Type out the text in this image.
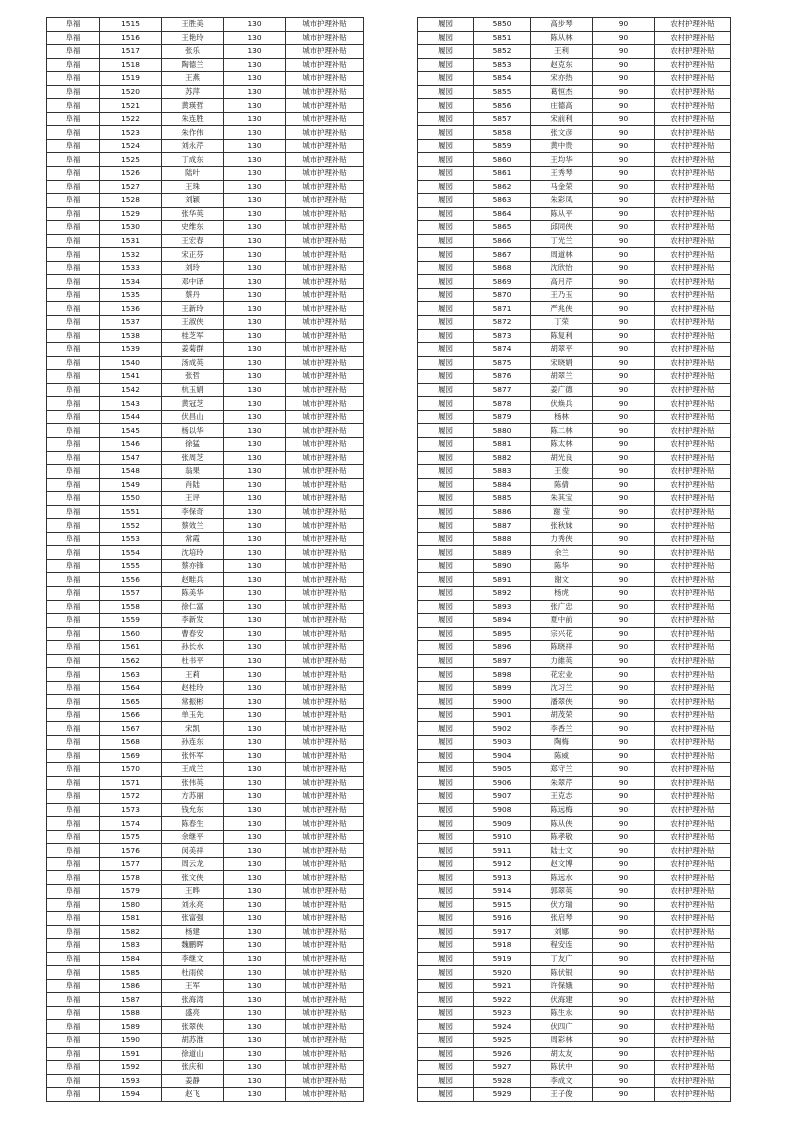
阜福	1515	王胜美	130	城市护理补贴
阜福	1516	王艳玲	130	城市护理补贴
阜福	1517	张乐	130	城市护理补贴
阜福	1518	陶德兰	130	城市护理补贴
阜福	1519	王燕	130	城市护理补贴
阜福	1520	苏萍	130	城市护理补贴
阜福	1521	黄瑛哲	130	城市护理补贴
阜福	1522	朱连胜	130	城市护理补贴
阜福	1523	朱作伟	130	城市护理补贴
阜福	1524	刘永芹	130	城市护理补贴
阜福	1525	丁成东	130	城市护理补贴
阜福	1526	陆叶	130	城市护理补贴
阜福	1527	王珠	130	城市护理补贴
阜福	1528	刘颖	130	城市护理补贴
阜福	1529	张华英	130	城市护理补贴
阜福	1530	史维东	130	城市护理补贴
阜福	1531	王宏春	130	城市护理补贴
阜福	1532	宋正芬	130	城市护理补贴
阜福	1533	刘玲	130	城市护理补贴
阜福	1534	邓中译	130	城市护理补贴
阜福	1535	蔡丹	130	城市护理补贴
阜福	1536	王新玲	130	城市护理补贴
阜福	1537	王淑侠	130	城市护理补贴
阜福	1538	桂芝军	130	城市护理补贴
阜福	1539	姜菊群	130	城市护理补贴
阜福	1540	汤成英	130	城市护理补贴
阜福	1541	张哲	130	城市护理补贴
阜福	1542	杭玉娟	130	城市护理补贴
阜福	1543	黄冠芝	130	城市护理补贴
阜福	1544	伏昌山	130	城市护理补贴
阜福	1545	杨以华	130	城市护理补贴
阜福	1546	徐猛	130	城市护理补贴
阜福	1547	张周芝	130	城市护理补贴
阜福	1548	翁果	130	城市护理补贴
阜福	1549	肖陆	130	城市护理补贴
阜福	1550	王评	130	城市护理补贴
阜福	1551	李保奇	130	城市护理补贴
阜福	1552	蔡效兰	130	城市护理补贴
阜福	1553	常霞	130	城市护理补贴
阜福	1554	沈培玲	130	城市护理补贴
阜福	1555	蔡亦锋	130	城市护理补贴
阜福	1556	赵畦兵	130	城市护理补贴
阜福	1557	陈美华	130	城市护理补贴
阜福	1558	徐仁富	130	城市护理补贴
阜福	1559	李新发	130	城市护理补贴
阜福	1560	曹春安	130	城市护理补贴
阜福	1561	孙长水	130	城市护理补贴
阜福	1562	杜书平	130	城市护理补贴
阜福	1563	王莉	130	城市护理补贴
阜福	1564	赵桂玲	130	城市护理补贴
阜福	1565	常振彬	130	城市护理补贴
阜福	1566	单玉先	130	城市护理补贴
阜福	1567	宋凯	130	城市护理补贴
阜福	1568	孙连东	130	城市护理补贴
阜福	1569	张怀军	130	城市护理补贴
阜福	1570	王成兰	130	城市护理补贴
阜福	1571	张伟英	130	城市护理补贴
阜福	1572	方苏丽	130	城市护理补贴
阜福	1573	钱允东	130	城市护理补贴
阜福	1574	陈春生	130	城市护理补贴
阜福	1575	余继平	130	城市护理补贴
阜福	1576	闵美祥	130	城市护理补贴
阜福	1577	周云龙	130	城市护理补贴
阜福	1578	张文侠	130	城市护理补贴
阜福	1579	王晔	130	城市护理补贴
阜福	1580	刘永亮	130	城市护理补贴
阜福	1581	张富强	130	城市护理补贴
阜福	1582	杨建	130	城市护理补贴
阜福	1583	魏鹏晖	130	城市护理补贴
阜福	1584	李继文	130	城市护理补贴
阜福	1585	杜雨侯	130	城市护理补贴
阜福	1586	王军	130	城市护理补贴
阜福	1587	张海湾	130	城市护理补贴
阜福	1588	盛亮	130	城市护理补贴
阜福	1589	张翠侠	130	城市护理补贴
阜福	1590	胡苏淮	130	城市护理补贴
阜福	1591	徐道山	130	城市护理补贴
阜福	1592	张庆和	130	城市护理补贴
阜福	1593	姜静	130	城市护理补贴
阜福	1594	赵飞	130	城市护理补贴
履园	5850	高步琴	90	农村护理补贴
履园	5851	陈从林	90	农村护理补贴
履园	5852	王利	90	农村护理补贴
履园	5853	赵克东	90	农村护理补贴
履园	5854	宋亦热	90	农村护理补贴
履园	5855	葛恒杰	90	农村护理补贴
履园	5856	庄德高	90	农村护理补贴
履园	5857	宋前利	90	农村护理补贴
履园	5858	张文彦	90	农村护理补贴
履园	5859	黄中贵	90	农村护理补贴
履园	5860	王均华	90	农村护理补贴
履园	5861	王秀琴	90	农村护理补贴
履园	5862	马金荣	90	农村护理补贴
履园	5863	朱彩凤	90	农村护理补贴
履园	5864	陈从平	90	农村护理补贴
履园	5865	邱同侠	90	农村护理补贴
履园	5866	丁光兰	90	农村护理补贴
履园	5867	周道林	90	农村护理补贴
履园	5868	沈欣怡	90	农村护理补贴
履园	5869	高月芹	90	农村护理补贴
履园	5870	王乃玉	90	农村护理补贴
履园	5871	严兆侠	90	农村护理补贴
履园	5872	丁荣	90	农村护理补贴
履园	5873	陈复利	90	农村护理补贴
履园	5874	胡翠平	90	农村护理补贴
履园	5875	宋晓娟	90	农村护理补贴
履园	5876	胡翠兰	90	农村护理补贴
履园	5877	姜广德	90	农村护理补贴
履园	5878	伏焕兵	90	农村护理补贴
履园	5879	杨林	90	农村护理补贴
履园	5880	陈二林	90	农村护理补贴
履园	5881	陈太林	90	农村护理补贴
履园	5882	胡光良	90	农村护理补贴
履园	5883	王俊	90	农村护理补贴
履园	5884	陈倩	90	农村护理补贴
履园	5885	朱其宝	90	农村护理补贴
履园	5886	谢 莹	90	农村护理补贴
履园	5887	张秋妹	90	农村护理补贴
履园	5888	力秀侠	90	农村护理补贴
履园	5889	余兰	90	农村护理补贴
履园	5890	陈华	90	农村护理补贴
履园	5891	谢文	90	农村护理补贴
履园	5892	杨虎	90	农村护理补贴
履园	5893	张广忠	90	农村护理补贴
履园	5894	夏中前	90	农村护理补贴
履园	5895	宗兴花	90	农村护理补贴
履园	5896	陈晓祥	90	农村护理补贴
履园	5897	力維英	90	农村护理补贴
履园	5898	花宏业	90	农村护理补贴
履园	5899	沈习兰	90	农村护理补贴
履园	5900	潘翠侠	90	农村护理补贴
履园	5901	胡茂荣	90	农村护理补贴
履园	5902	李香兰	90	农村护理补贴
履园	5903	陶梅	90	农村护理补贴
履园	5904	陈威	90	农村护理补贴
履园	5905	郑守兰	90	农村护理补贴
履园	5906	朱翠芹	90	农村护理补贴
履园	5907	王克志	90	农村护理补贴
履园	5908	陈远梅	90	农村护理补贴
履园	5909	陈从侠	90	农村护理补贴
履园	5910	陈孝敬	90	农村护理补贴
履园	5911	陆士文	90	农村护理补贴
履园	5912	赵文博	90	农村护理补贴
履园	5913	陈远水	90	农村护理补贴
履园	5914	郭翠英	90	农村护理补贴
履园	5915	伏方瑞	90	农村护理补贴
履园	5916	张启琴	90	农村护理补贴
履园	5917	刘娜	90	农村护理补贴
履园	5918	程安连	90	农村护理补贴
履园	5919	丁友广	90	农村护理补贴
履园	5920	陈伏银	90	农村护理补贴
履园	5921	许保娥	90	农村护理补贴
履园	5922	伏海建	90	农村护理补贴
履园	5923	陈生永	90	农村护理补贴
履园	5924	伏四广	90	农村护理补贴
履园	5925	周彩林	90	农村护理补贴
履园	5926	胡太友	90	农村护理补贴
履园	5927	陈伏中	90	农村护理补贴
履园	5928	李成文	90	农村护理补贴
履园	5929	王子俊	90	农村护理补贴
